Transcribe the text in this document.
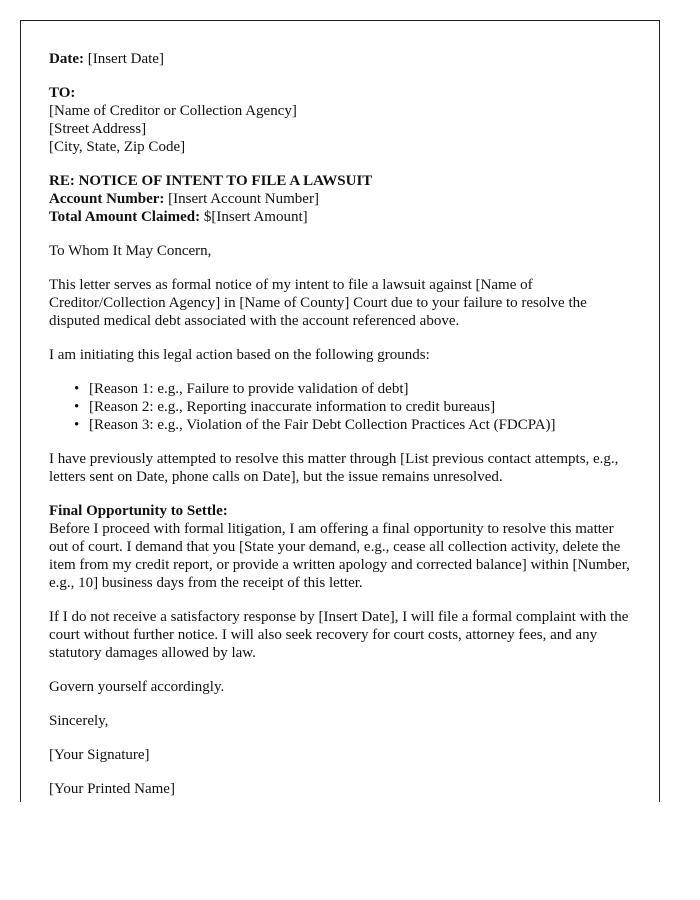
Date: [Insert Date]

TO:
[Name of Creditor or Collection Agency]
[Street Address]
[City, State, Zip Code]
RE: NOTICE OF INTENT TO FILE A LAWSUIT
Account Number: [Insert Account Number]
Total Amount Claimed: $[Insert Amount]

To Whom It May Concern,

This letter serves as formal notice of my intent to file a lawsuit against [Name of Creditor/Collection Agency] in [Name of County] Court due to your failure to resolve the disputed medical debt associated with the account referenced above.

I am initiating this legal action based on the following grounds:

• [Reason 1: e.g., Failure to provide validation of debt]
• [Reason 2: e.g., Reporting inaccurate information to credit bureaus]
• [Reason 3: e.g., Violation of the Fair Debt Collection Practices Act (FDCPA)]

I have previously attempted to resolve this matter through [List previous contact attempts, e.g., letters sent on Date, phone calls on Date], but the issue remains unresolved.

Final Opportunity to Settle:
Before I proceed with formal litigation, I am offering a final opportunity to resolve this matter out of court. I demand that you [State your demand, e.g., cease all collection activity, delete the item from my credit report, or provide a written apology and corrected balance] within [Number, e.g., 10] business days from the receipt of this letter.

If I do not receive a satisfactory response by [Insert Date], I will file a formal complaint with the court without further notice. I will also seek recovery for court costs, attorney fees, and any statutory damages allowed by law.

Govern yourself accordingly.

Sincerely,

[Your Signature]

[Your Printed Name]
